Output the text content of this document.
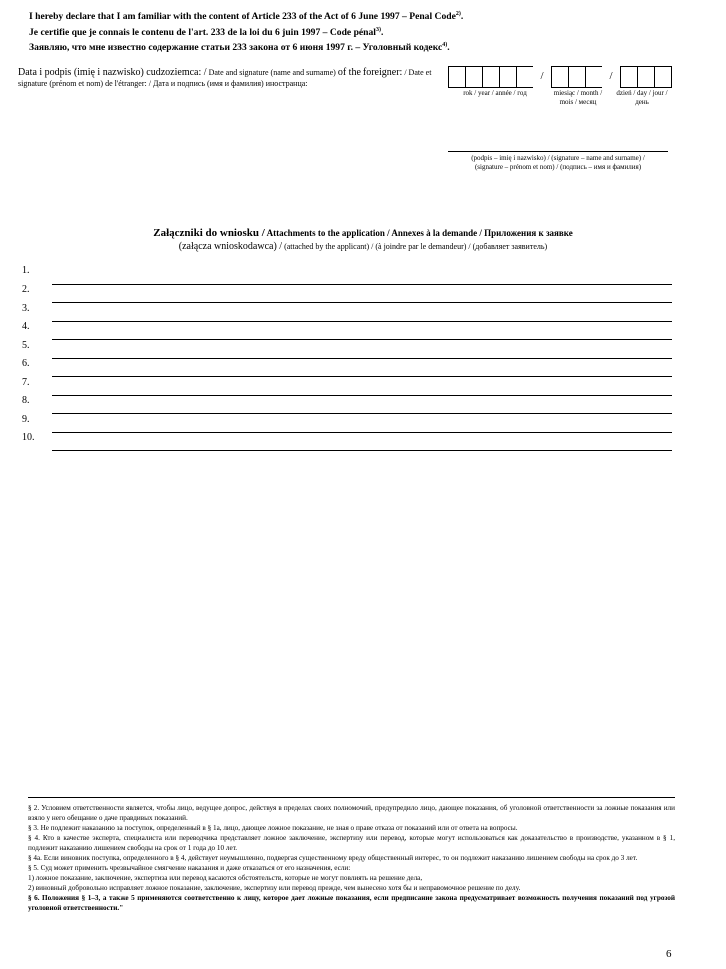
I hereby declare that I am familiar with the content of Article 233 of the Act of 6 June 1997 – Penal Code$^{2)}$.
Je certifie que je connais le contenu de l'art. 233 de la loi du 6 juin 1997 – Code pénal$^{3)}$.
Заявляю, что мне известно содержание статьи 233 закона от 6 июня 1997 г. – Уголовный кодекс$^{4)}$.
Data i podpis (imię i nazwisko) cudzoziemca: / Date and signature (name and surname) of the foreigner: / Date et signature (prénom et nom) de l'étranger: / Дата и подпись (имя и фамилия) иностранца:
/	/
rok / year / année / год	miesiąc / month / mois / месяц
dzień / day / jour / день
(podpis – imię i nazwisko) / (signature – name and surname) /
(signature – prénom et nom) / (подпись – имя и фамилия)
Załączniki do wniosku / Attachments to the application / Annexes à la demande / Приложения к заявке
(załącza wnioskodawca) / (attached by the applicant) / (à joindre par le demandeur) / (добавляет заявитель)
1.
2.
3.
4.
5.
6.
7.
8.
9.
10.

§ 2. Условием ответственности является, чтобы лицо, ведущее допрос, действуя в пределах своих полномочий, предупредило лицо, дающее показания, об уголовной ответственности за ложные показания или взяло у него обещание о даче правдивых показаний.

§ 3. Не подлежит наказанию за поступок, определенный в § 1a, лицо, дающее ложное показание, не зная о праве отказа от показаний или от ответа на вопросы.

§ 4. Кто в качестве эксперта, специалиста или переводчика представляет ложное заключение, экспертизу или перевод, которые могут использоваться как доказательство в производстве, указанном в § 1, подлежит наказанию лишением свободы на срок от 1 года до 10 лет.

§ 4a. Если виновник поступка, определенного в § 4, действует неумышленно, подвергая существенному вреду общественный интерес, то он подлежит наказанию лишением свободы на срок до 3 лет.

§ 5. Суд может применить чрезвычайное смягчение наказания и даже отказаться от его назначения, если:

1) ложное показание, заключение, экспертиза или перевод касаются обстоятельств, которые не могут повлиять на решение дела,

2) виновный добровольно исправляет ложное показание, заключение, экспертизу или перевод прежде, чем вынесено хотя бы и неправомочное решение по делу.

§ 6. Положения § 1–3, а также 5 применяются соответственно к лицу, которое дает ложные показания, если предписание закона предусматривает возможность получения показаний под угрозой уголовной ответственности."

6
